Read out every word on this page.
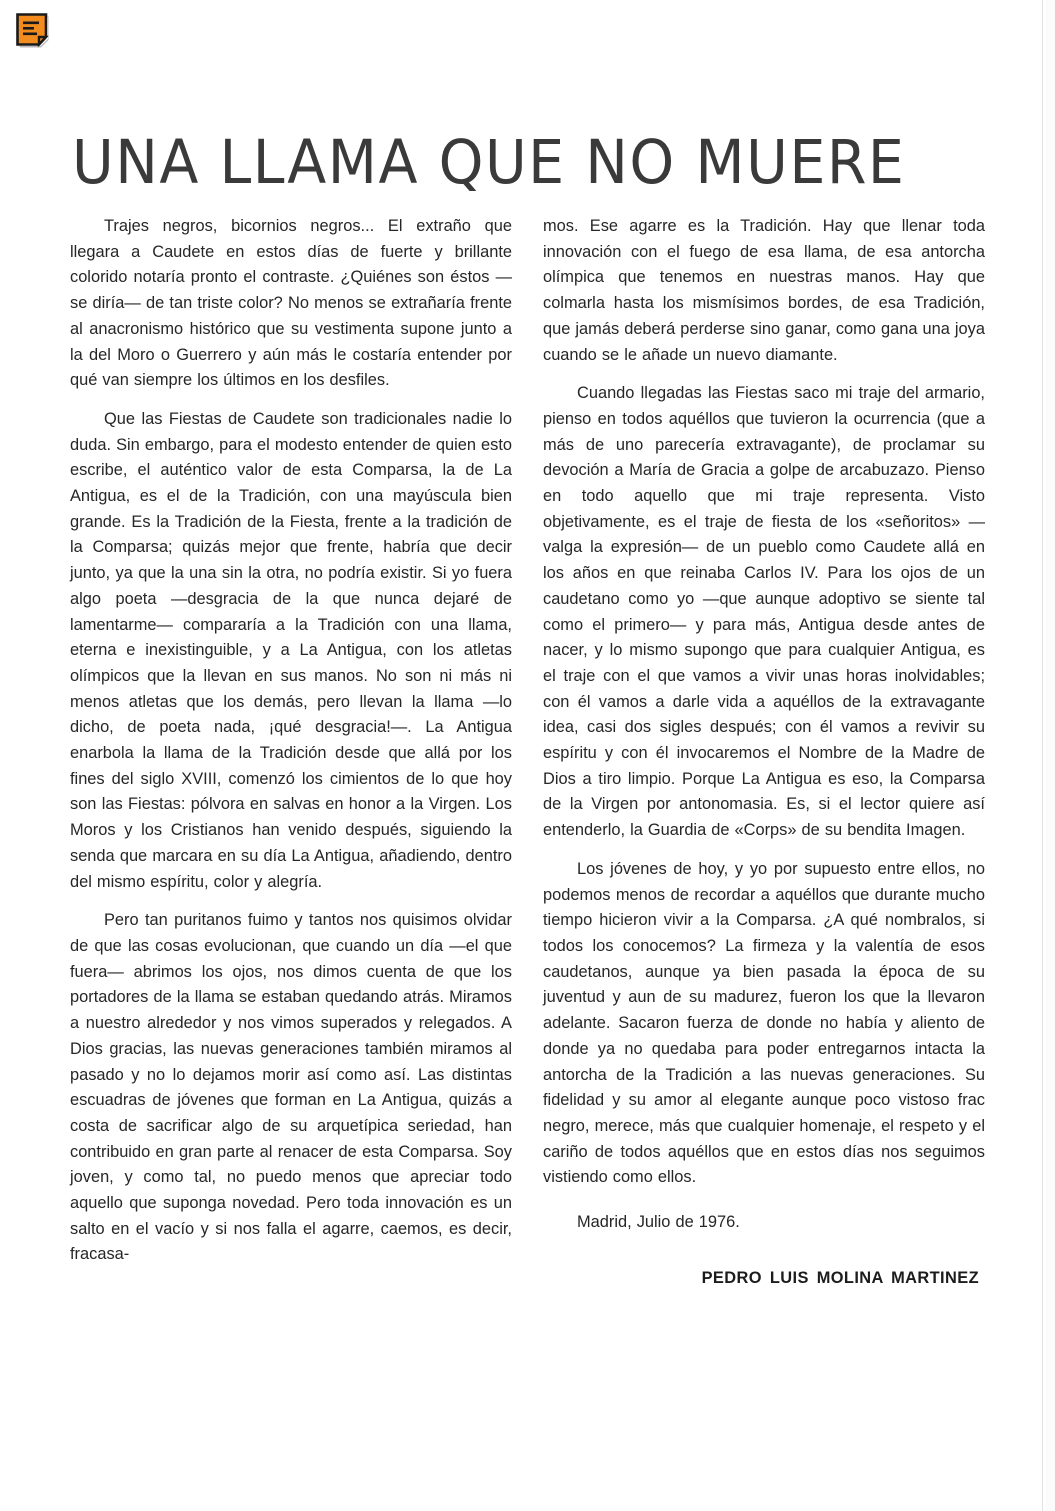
UNA LLAMA QUE NO MUERE

Trajes negros, bicornios negros... El extraño que llegara a Caudete en estos días de fuerte y brillante colorido notaría pronto el contraste. ¿Quiénes son éstos —se diría— de tan triste color? No menos se extrañaría frente al anacronismo histórico que su vestimenta supone junto a la del Moro o Guerrero y aún más le costaría entender por qué van siempre los últimos en los desfiles.

Que las Fiestas de Caudete son tradicionales nadie lo duda. Sin embargo, para el modesto entender de quien esto escribe, el auténtico valor de esta Comparsa, la de La Antigua, es el de la Tradición, con una mayúscula bien grande. Es la Tradición de la Fiesta, frente a la tradición de la Comparsa; quizás mejor que frente, habría que decir junto, ya que la una sin la otra, no podría existir. Si yo fuera algo poeta —desgracia de la que nunca dejaré de lamentarme— compararía a la Tradición con una llama, eterna e inexistinguible, y a La Antigua, con los atletas olímpicos que la llevan en sus manos. No son ni más ni menos atletas que los demás, pero llevan la llama —lo dicho, de poeta nada, ¡qué desgracia!—. La Antigua enarbola la llama de la Tradición desde que allá por los fines del siglo XVIII, comenzó los cimientos de lo que hoy son las Fiestas: pólvora en salvas en honor a la Virgen. Los Moros y los Cristianos han venido después, siguiendo la senda que marcara en su día La Antigua, añadiendo, dentro del mismo espíritu, color y alegría.

Pero tan puritanos fuimo y tantos nos quisimos olvidar de que las cosas evolucionan, que cuando un día —el que fuera— abrimos los ojos, nos dimos cuenta de que los portadores de la llama se estaban quedando atrás. Miramos a nuestro alrededor y nos vimos superados y relegados. A Dios gracias, las nuevas generaciones también miramos al pasado y no lo dejamos morir así como así. Las distintas escuadras de jóvenes que forman en La Antigua, quizás a costa de sacrificar algo de su arquetípica seriedad, han contribuido en gran parte al renacer de esta Comparsa. Soy joven, y como tal, no puedo menos que apreciar todo aquello que suponga novedad. Pero toda innovación es un salto en el vacío y si nos falla el agarre, caemos, es decir, fracasa-

mos. Ese agarre es la Tradición. Hay que llenar toda innovación con el fuego de esa llama, de esa antorcha olímpica que tenemos en nuestras manos. Hay que colmarla hasta los mismísimos bordes, de esa Tradición, que jamás deberá perderse sino ganar, como gana una joya cuando se le añade un nuevo diamante.

Cuando llegadas las Fiestas saco mi traje del armario, pienso en todos aquéllos que tuvieron la ocurrencia (que a más de uno parecería extravagante), de proclamar su devoción a María de Gracia a golpe de arcabuzazo. Pienso en todo aquello que mi traje representa. Visto objetivamente, es el traje de fiesta de los «señoritos» —valga la expresión— de un pueblo como Caudete allá en los años en que reinaba Carlos IV. Para los ojos de un caudetano como yo —que aunque adoptivo se siente tal como el primero— y para más, Antigua desde antes de nacer, y lo mismo supongo que para cualquier Antigua, es el traje con el que vamos a vivir unas horas inolvidables; con él vamos a darle vida a aquéllos de la extravagante idea, casi dos sigles después; con él vamos a revivir su espíritu y con él invocaremos el Nombre de la Madre de Dios a tiro limpio. Porque La Antigua es eso, la Comparsa de la Virgen por antonomasia. Es, si el lector quiere así entenderlo, la Guardia de «Corps» de su bendita Imagen.

Los jóvenes de hoy, y yo por supuesto entre ellos, no podemos menos de recordar a aquéllos que durante mucho tiempo hicieron vivir a la Comparsa. ¿A qué nombralos, si todos los conocemos? La firmeza y la valentía de esos caudetanos, aunque ya bien pasada la época de su juventud y aun de su madurez, fueron los que la llevaron adelante. Sacaron fuerza de donde no había y aliento de donde ya no quedaba para poder entregarnos intacta la antorcha de la Tradición a las nuevas generaciones. Su fidelidad y su amor al elegante aunque poco vistoso frac negro, merece, más que cualquier homenaje, el respeto y el cariño de todos aquéllos que en estos días nos seguimos vistiendo como ellos.

Madrid, Julio de 1976.

PEDRO LUIS MOLINA MARTINEZ
